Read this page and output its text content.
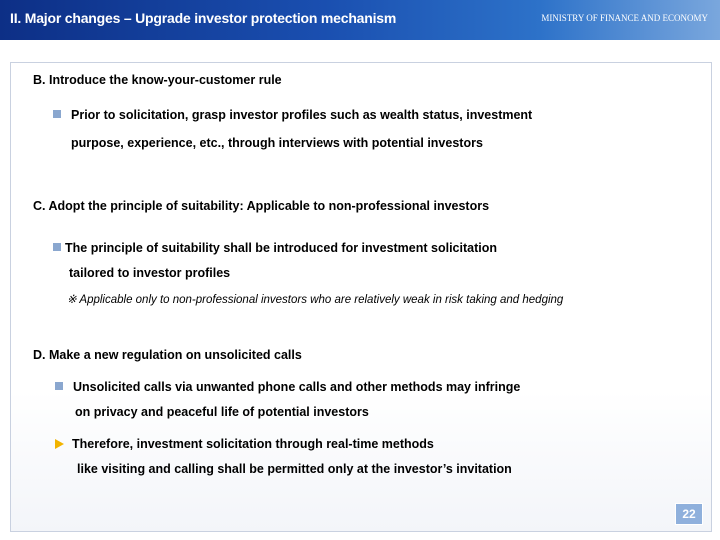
II. Major changes – Upgrade investor protection mechanism	MINISTRY OF FINANCE AND ECONOMY
B. Introduce the know-your-customer rule
Prior to solicitation, grasp investor profiles such as wealth status, investment
purpose, experience, etc., through interviews with potential investors
C. Adopt the principle of suitability: Applicable to non-professional investors
The principle of suitability shall be introduced for investment solicitation
tailored to investor profiles
※ Applicable only to non-professional investors who are relatively weak in risk taking and hedging
D. Make a new regulation on unsolicited calls
Unsolicited calls via unwanted phone calls and other methods may infringe
on privacy and peaceful life of potential investors
Therefore, investment solicitation through real-time methods
like visiting and calling shall be permitted only at the investor’s invitation
22
